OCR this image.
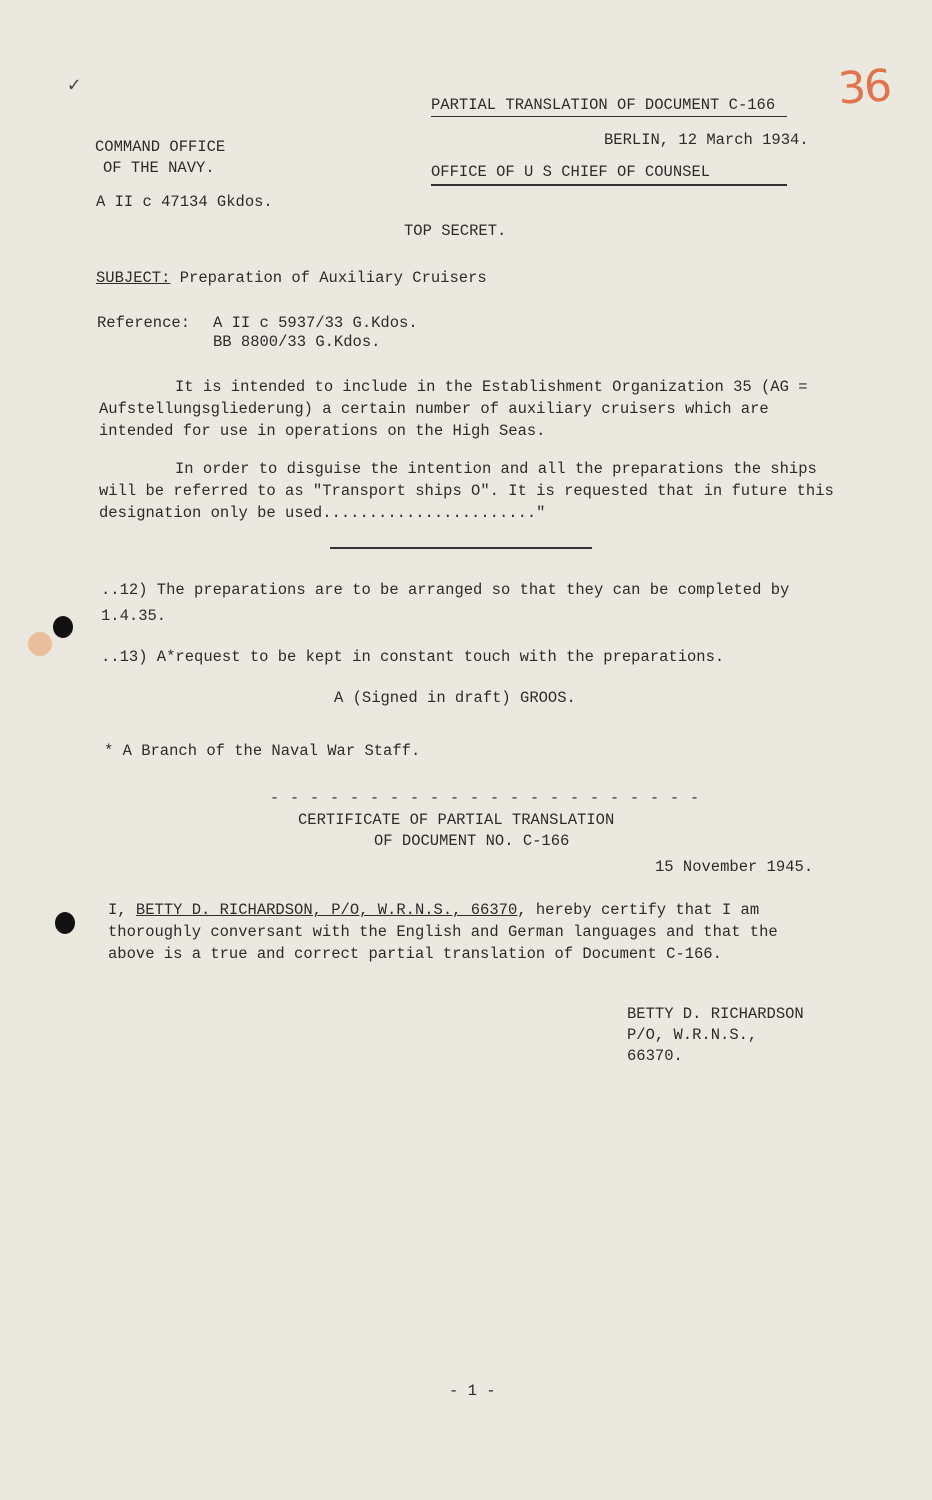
✓

PARTIAL TRANSLATION OF DOCUMENT C-166

OFFICE OF U S CHIEF OF COUNSEL

36
COMMAND OFFICE
OF THE NAVY.
BERLIN, 12 March 1934.
A II c 47134 Gkdos.
TOP SECRET.
SUBJECT: Preparation of Auxiliary Cruisers
Reference: A II c 5937/33 G.Kdos.
BB 8800/33 G.Kdos.
It is intended to include in the Establishment Organization 35 (AG = Aufstellungsgliederung) a certain number of auxiliary cruisers which are intended for use in operations on the High Seas.
In order to disguise the intention and all the preparations the ships will be referred to as "Transport ships O". It is requested that in future this designation only be used......................."
..12) The preparations are to be arranged so that they can be completed by
1.4.35.
..13) A*request to be kept in constant touch with the preparations.
A (Signed in draft) GROOS.
* A Branch of the Naval War Staff.
- - - - - - - - - - - - - - - - - - - - - -
CERTIFICATE OF PARTIAL TRANSLATION
OF DOCUMENT NO. C-166
15 November 1945.
I, BETTY D. RICHARDSON, P/O, W.R.N.S., 66370, hereby certify that I am thoroughly conversant with the English and German languages and that the above is a true and correct partial translation of Document C-166.
BETTY D. RICHARDSON
P/O, W.R.N.S.,
66370.
- 1 -
